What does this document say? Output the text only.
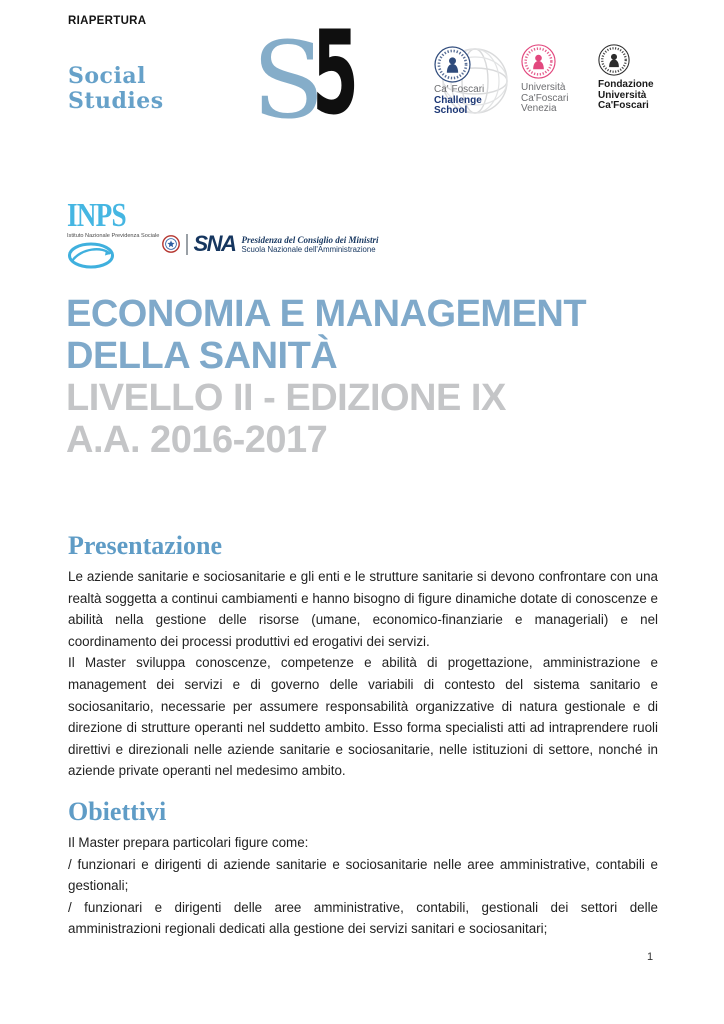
RIAPERTURA
Social
Studies S
5	Ca' Foscari
Challenge
School
Università
Ca'Foscari
Venezia
Fondazione
Università
Ca'Foscari
INPS
Istituto Nazionale Previdenza Sociale	SNA Presidenza del Consiglio dei Ministri
Scuola Nazionale dell'Amministrazione
ECONOMIA E MANAGEMENT
DELLA SANITÀ
LIVELLO II - EDIZIONE IX
A.A. 2016-2017
Presentazione

Le aziende sanitarie e sociosanitarie e gli enti e le strutture sanitarie si devono confrontare con una realtà soggetta a continui cambiamenti e hanno bisogno di figure dinamiche dotate di conoscenze e abilità nella gestione delle risorse (umane, economico-finanziarie e manageriali) e nel coordinamento dei processi produttivi ed erogativi dei servizi.

Il Master sviluppa conoscenze, competenze e abilità di progettazione, amministrazione e management dei servizi e di governo delle variabili di contesto del sistema sanitario e sociosanitario, necessarie per assumere responsabilità organizzative di natura gestionale e di direzione di strutture operanti nel suddetto ambito. Esso forma specialisti atti ad intraprendere ruoli direttivi e direzionali nelle aziende sanitarie e sociosanitarie, nelle istituzioni di settore, nonché in aziende private operanti nel medesimo ambito.

Obiettivi

Il Master prepara particolari figure come:

/ funzionari e dirigenti di aziende sanitarie e sociosanitarie nelle aree amministrative, contabili e gestionali;

/ funzionari e dirigenti delle aree amministrative, contabili, gestionali dei settori delle amministrazioni regionali dedicati alla gestione dei servizi sanitari e sociosanitari;

1
